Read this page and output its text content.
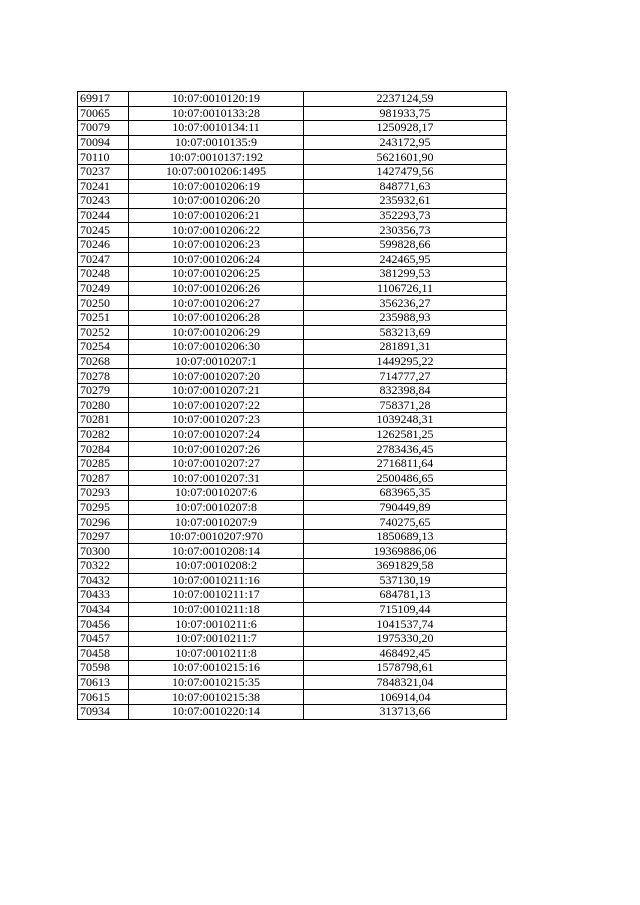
69917	10:07:0010120:19	2237124,59
70065	10:07:0010133:28	981933,75
70079	10:07:0010134:11	1250928,17
70094	10:07:0010135:9	243172,95
70110	10:07:0010137:192	5621601,90
70237	10:07:0010206:1495	1427479,56
70241	10:07:0010206:19	848771,63
70243	10:07:0010206:20	235932,61
70244	10:07:0010206:21	352293,73
70245	10:07:0010206:22	230356,73
70246	10:07:0010206:23	599828,66
70247	10:07:0010206:24	242465,95
70248	10:07:0010206:25	381299,53
70249	10:07:0010206:26	1106726,11
70250	10:07:0010206:27	356236,27
70251	10:07:0010206:28	235988,93
70252	10:07:0010206:29	583213,69
70254	10:07:0010206:30	281891,31
70268	10:07:0010207:1	1449295,22
70278	10:07:0010207:20	714777,27
70279	10:07:0010207:21	832398,84
70280	10:07:0010207:22	758371,28
70281	10:07:0010207:23	1039248,31
70282	10:07:0010207:24	1262581,25
70284	10:07:0010207:26	2783436,45
70285	10:07:0010207:27	2716811,64
70287	10:07:0010207:31	2500486,65
70293	10:07:0010207:6	683965,35
70295	10:07:0010207:8	790449,89
70296	10:07:0010207:9	740275,65
70297	10:07:0010207:970	1850689,13
70300	10:07:0010208:14	19369886,06
70322	10:07:0010208:2	3691829,58
70432	10:07:0010211:16	537130,19
70433	10:07:0010211:17	684781,13
70434	10:07:0010211:18	715109,44
70456	10:07:0010211:6	1041537,74
70457	10:07:0010211:7	1975330,20
70458	10:07:0010211:8	468492,45
70598	10:07:0010215:16	1578798,61
70613	10:07:0010215:35	7848321,04
70615	10:07:0010215:38	106914,04
70934	10:07:0010220:14	313713,66
